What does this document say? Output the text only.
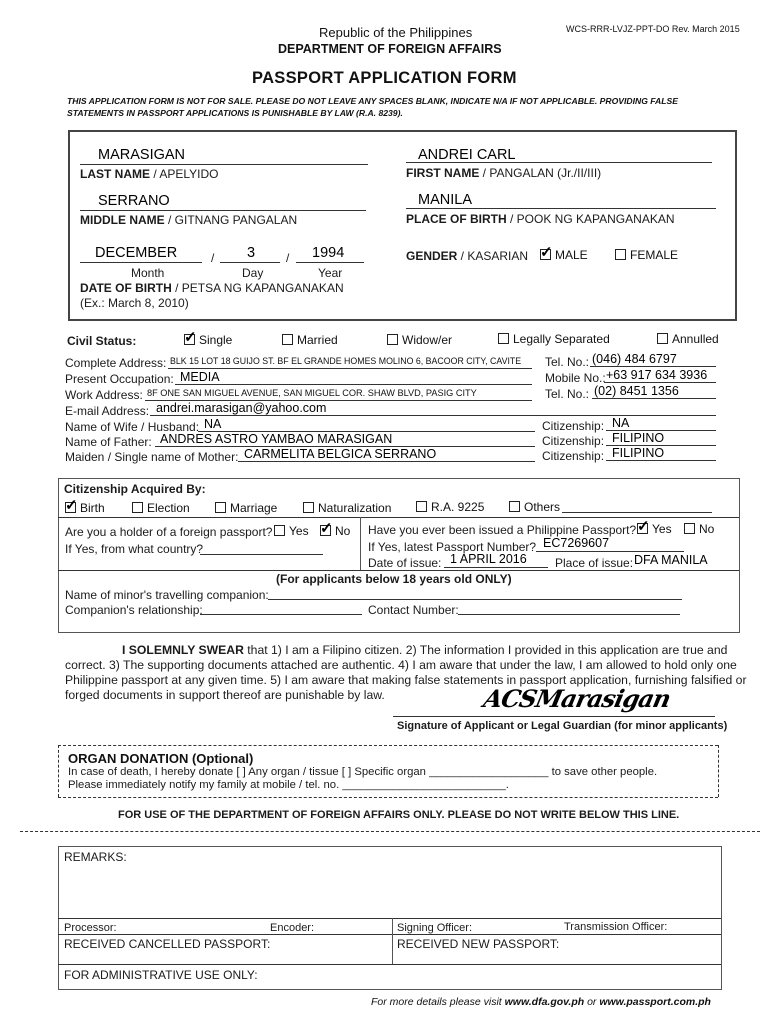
Republic of the Philippines
DEPARTMENT OF FOREIGN AFFAIRS
WCS-RRR-LVJZ-PPT-DO Rev. March 2015
PASSPORT APPLICATION FORM
THIS APPLICATION FORM IS NOT FOR SALE. PLEASE DO NOT LEAVE ANY SPACES BLANK, INDICATE N/A IF NOT APPLICABLE. PROVIDING FALSE
STATEMENTS IN PASSPORT APPLICATIONS IS PUNISHABLE BY LAW (R.A. 8239).
MARASIGAN
LAST NAME / APELYIDO
ANDREI CARL
FIRST NAME / PANGALAN (Jr./II/III)
SERRANO
MIDDLE NAME / GITNANG PANGALAN
MANILA
PLACE OF BIRTH / POOK NG KAPANGANAKAN
DECEMBER	/ 3	/ 1994
Month	Day	Year
DATE OF BIRTH / PETSA NG KAPANGANAKAN
(Ex.: March 8, 2010)
GENDER / KASARIAN ✓	MALE	FEMALE
Civil Status: ✓	Single	Married	Widow/er	Legally Separated	Annulled
Complete Address: BLK 15 LOT 18 GUIJO ST. BF EL GRANDE HOMES MOLINO 6, BACOOR CITY, CAVITE Tel. No.: (046) 484 6797
Present Occupation: MEDIA	Mobile No.: +63 917 634 3936
Work Address: 8F ONE SAN MIGUEL AVENUE, SAN MIGUEL COR. SHAW BLVD, PASIG CITY	Tel. No.: (02) 8451 1356
E-mail Address: andrei.marasigan@yahoo.com
Name of Wife / Husband: NA	Citizenship: NA
Name of Father: ANDRES ASTRO YAMBAO MARASIGAN	Citizenship: FILIPINO
Maiden / Single name of Mother: CARMELITA BELGICA SERRANO	Citizenship: FILIPINO
Citizenship Acquired By:
✓Birth	Election	Marriage	Naturalization	R.A. 9225	Others
Are you a holder of a foreign passport?	Yes ✓	No
If Yes, from what country?
Have you ever been issued a Philippine Passport? ✓	Yes	No
If Yes, latest Passport Number? EC7269607
Date of issue: 1 APRIL 2016 Place of issue: DFA MANILA
(For applicants below 18 years old ONLY)
Name of minor's travelling companion:
Companion's relationship:	Contact Number:
I SOLEMNLY SWEAR that 1) I am a Filipino citizen. 2) The information I provided in this application are true and
correct. 3) The supporting documents attached are authentic. 4) I am aware that under the law, I am allowed to hold only one
Philippine passport at any given time. 5) I am aware that making false statements in passport application, furnishing falsified or
forged documents in support thereof are punishable by law.	ACSMarasigan
Signature of Applicant or Legal Guardian (for minor applicants)
ORGAN DONATION (Optional)
In case of death, I hereby donate [ ] Any organ / tissue [ ] Specific organ ___________________ to save other people.
Please immediately notify my family at mobile / tel. no. __________________________.
FOR USE OF THE DEPARTMENT OF FOREIGN AFFAIRS ONLY. PLEASE DO NOT WRITE BELOW THIS LINE.
REMARKS:
Processor:	Encoder:	Signing Officer:	Transmission Officer:
RECEIVED CANCELLED PASSPORT:	RECEIVED NEW PASSPORT:
FOR ADMINISTRATIVE USE ONLY:
For more details please visit www.dfa.gov.ph or www.passport.com.ph
